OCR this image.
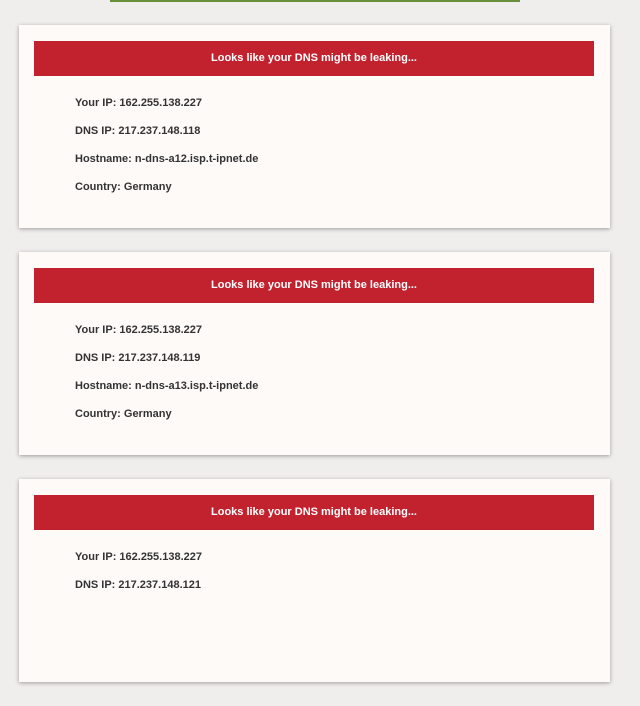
Looks like your DNS might be leaking...
Your IP: 162.255.138.227
DNS IP: 217.237.148.118
Hostname: n-dns-a12.isp.t-ipnet.de
Country: Germany
Looks like your DNS might be leaking...
Your IP: 162.255.138.227
DNS IP: 217.237.148.119
Hostname: n-dns-a13.isp.t-ipnet.de
Country: Germany
Looks like your DNS might be leaking...
Your IP: 162.255.138.227
DNS IP: 217.237.148.121
